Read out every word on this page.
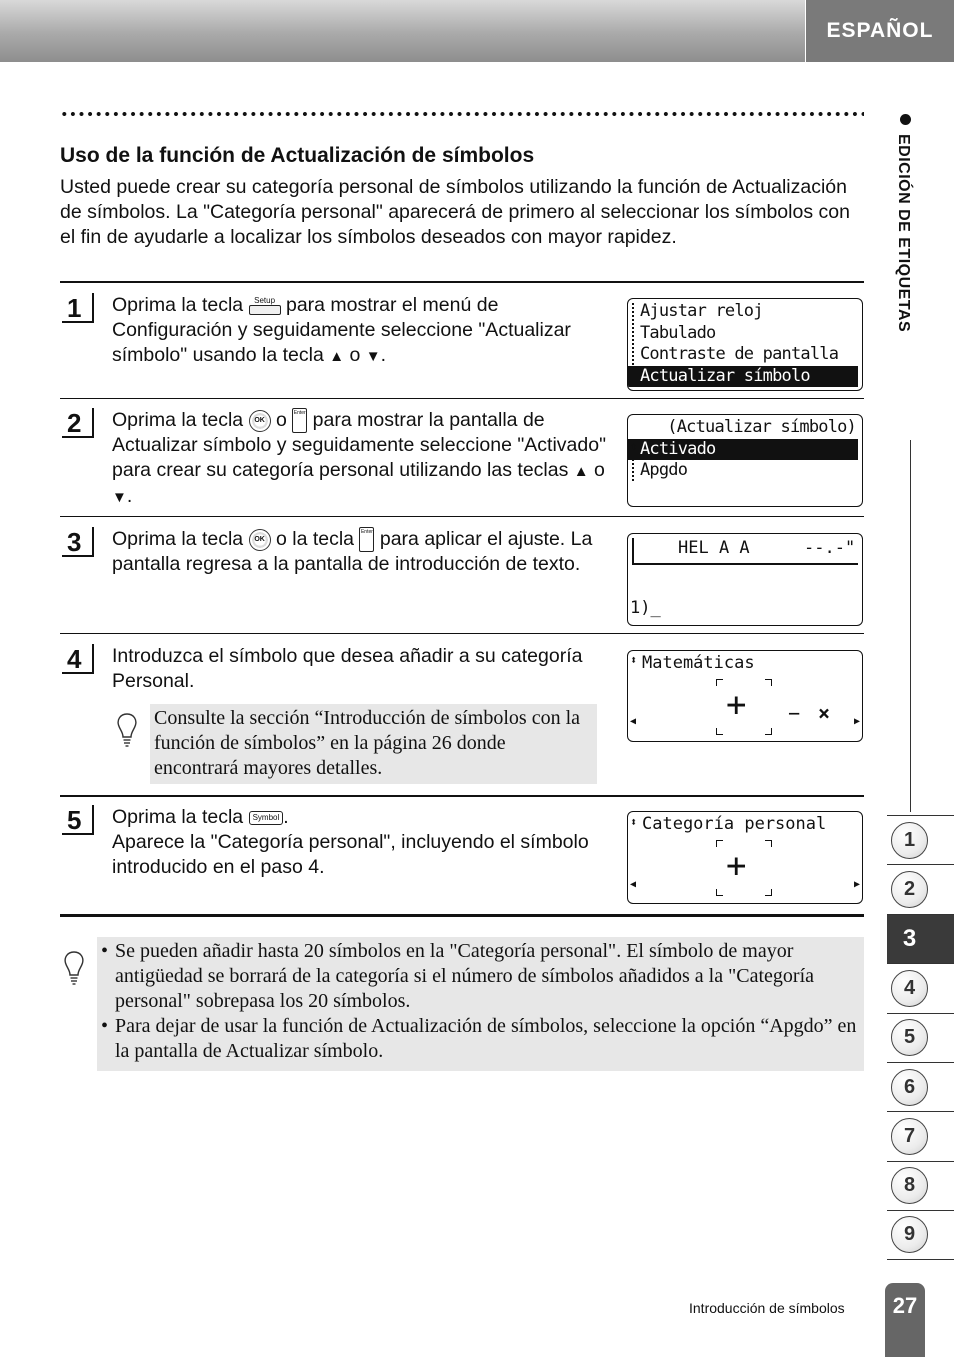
ESPAÑOL
EDICIÓN DE ETIQUETAS
1
2
3
4
5
6
7
8
9
Uso de la función de Actualización de símbolos
Usted puede crear su categoría personal de símbolos utilizando la función de Actualización de símbolos. La "Categoría personal" aparecerá de primero al seleccionar los símbolos con el fin de ayudarle a localizar los símbolos deseados con mayor rapidez.
1	Oprima la tecla Setup
para mostrar el menú de Configuración y seguidamente seleccione "Actualizar símbolo" usando la tecla ▲ o ▼.
Ajustar reloj
Tabulado
Contraste de pantalla
Actualizar símbolo
2	Oprima la tecla OK o Enter para mostrar la pantalla de Actualizar símbolo y seguidamente seleccione "Activado" para crear su categoría personal utilizando las teclas ▲ o ▼.
(Actualizar símbolo)
⬍ Activado
Apgdo
3	Oprima la tecla OK o la tecla Enter para aplicar el ajuste. La pantalla regresa a la pantalla de introducción de texto.
HEL A A	--.-"
1)_
4	Introduzca el símbolo que desea añadir a su categoría Personal.
Consulte la sección “Introducción de símbolos con la función de símbolos” en la página 26 donde encontrará mayores detalles.
⬍ Matemáticas
◀	▶
+ − ×
5	Oprima la tecla Symbol .
Aparece la "Categoría personal", incluyendo el símbolo introducido en el paso 4.
⬍ Categoría personal
◀	▶
+
• Se pueden añadir hasta 20 símbolos en la "Categoría personal". El símbolo de mayor antigüedad se borrará de la categoría si el número de símbolos añadidos a la "Categoría personal" sobrepasa los 20 símbolos.
• Para dejar de usar la función de Actualización de símbolos, seleccione la opción “Apgdo” en la pantalla de Actualizar símbolo.
Introducción de símbolos	27
